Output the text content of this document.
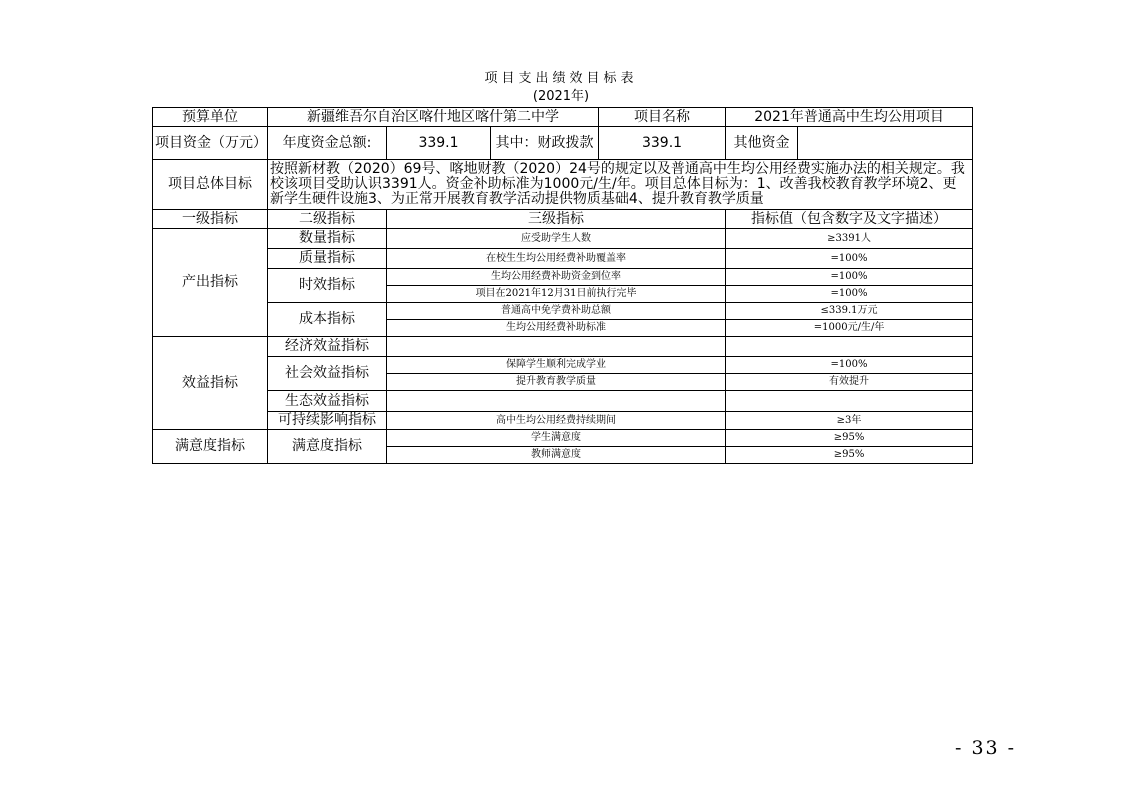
项目支出绩效目标表
(2021年)
预算单位	新疆维吾尔自治区喀什地区喀什第二中学			项目名称	2021年普通高中生均公用项目	
项目资金（万元）	年度资金总额:	339.1	其中：财政拨款	339.1	其他资金	
项目总体目标	按照新材教（2020）69号、喀地财教（2020）24号的规定以及普通高中生均公用经费实施办法的相关规定。我校该项目受助认识3391人。资金补助标准为1000元/生/年。项目总体目标为：1、改善我校教育教学环境2、更新学生硬件设施3、为正常开展教育教学活动提供物质基础4、提升教育教学质量					
一级指标	二级指标	三级指标			指标值（包含数字及文字描述）	
产出指标	数量指标	应受助学生人数			≥3391人	
	质量指标	在校生生均公用经费补助覆盖率			=100%	
	时效指标	生均公用经费补助资金到位率			=100%	
		项目在2021年12月31日前执行完毕			=100%	
	成本指标	普通高中免学费补助总额			≤339.1万元	
		生均公用经费补助标准			=1000元/生/年	
效益指标	经济效益指标					
	社会效益指标	保障学生顺利完成学业			=100%	
		提升教育教学质量			有效提升	
	生态效益指标					
	可持续影响指标	高中生均公用经费持续期间			≥3年	
满意度指标	满意度指标	学生满意度			≥95%	
		教师满意度			≥95%	
- 33 -
